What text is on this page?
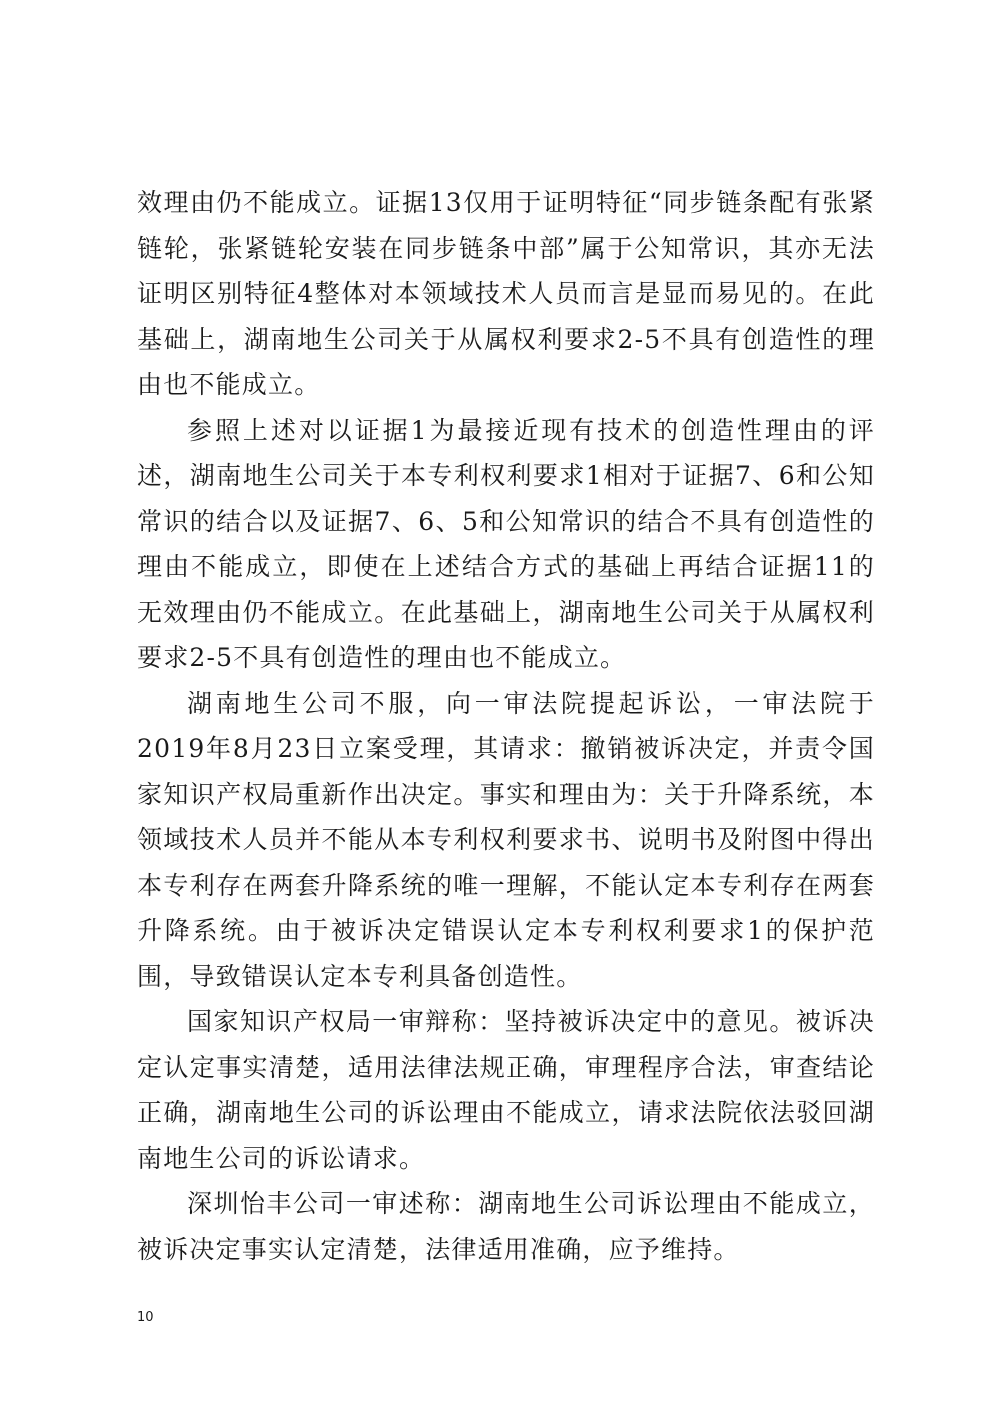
效理由仍不能成立。证据13仅用于证明特征“同步链条配有张紧链轮，张紧链轮安装在同步链条中部”属于公知常识，其亦无法证明区别特征4整体对本领域技术人员而言是显而易见的。在此基础上，湖南地生公司关于从属权利要求2-5不具有创造性的理由也不能成立。

参照上述对以证据1为最接近现有技术的创造性理由的评述，湖南地生公司关于本专利权利要求1相对于证据7、6和公知常识的结合以及证据7、6、5和公知常识的结合不具有创造性的理由不能成立，即使在上述结合方式的基础上再结合证据11的无效理由仍不能成立。在此基础上，湖南地生公司关于从属权利要求2-5不具有创造性的理由也不能成立。

湖南地生公司不服，向一审法院提起诉讼，一审法院于2019年8月23日立案受理，其请求：撤销被诉决定，并责令国家知识产权局重新作出决定。事实和理由为：关于升降系统，本领域技术人员并不能从本专利权利要求书、说明书及附图中得出本专利存在两套升降系统的唯一理解，不能认定本专利存在两套升降系统。由于被诉决定错误认定本专利权利要求1的保护范围，导致错误认定本专利具备创造性。

国家知识产权局一审辩称：坚持被诉决定中的意见。被诉决定认定事实清楚，适用法律法规正确，审理程序合法，审查结论正确，湖南地生公司的诉讼理由不能成立，请求法院依法驳回湖南地生公司的诉讼请求。

深圳怡丰公司一审述称：湖南地生公司诉讼理由不能成立，被诉决定事实认定清楚，法律适用准确，应予维持。

10
